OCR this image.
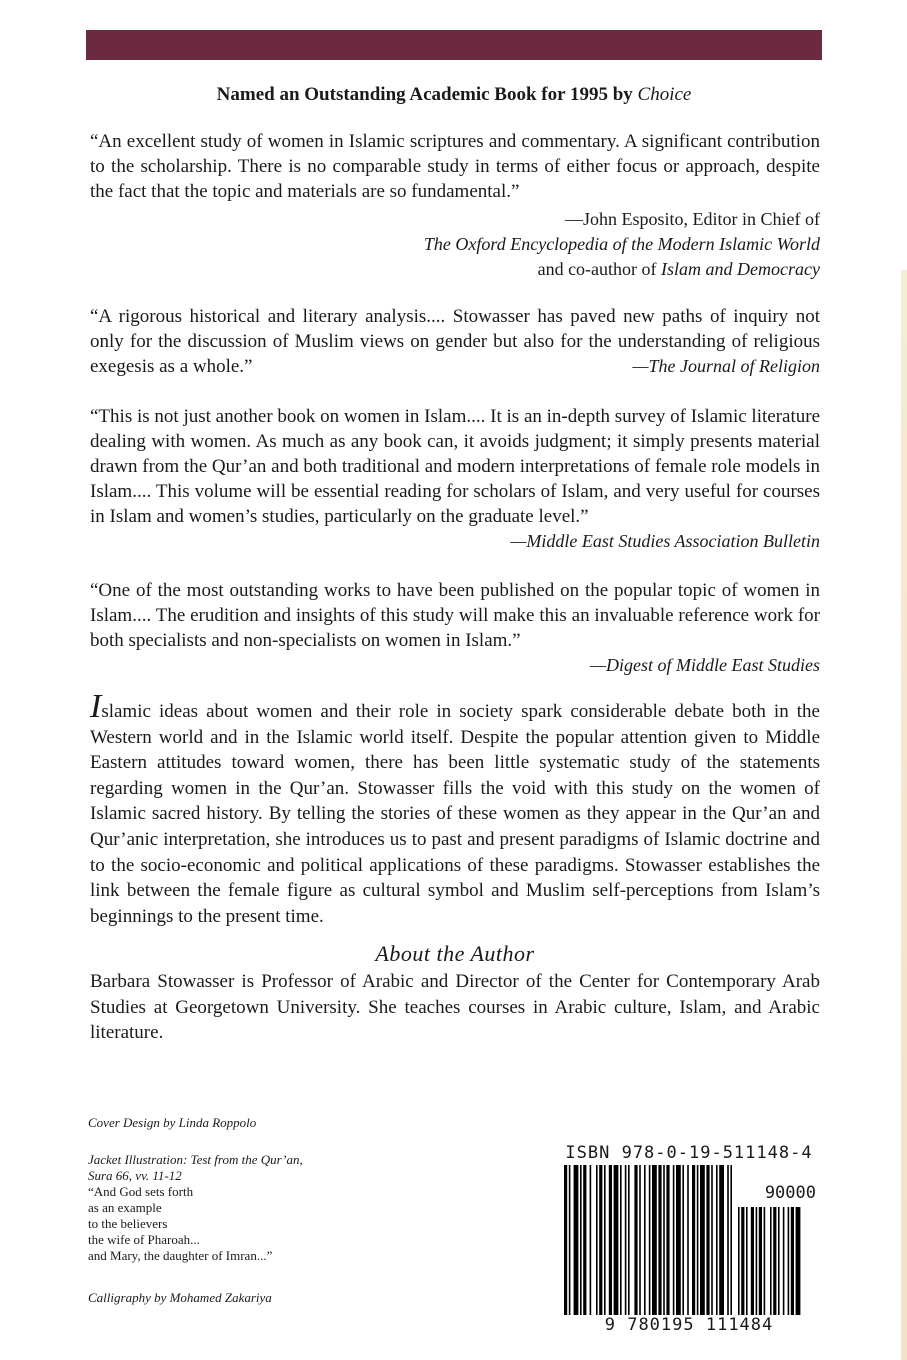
Named an Outstanding Academic Book for 1995 by Choice
“An excellent study of women in Islamic scriptures and commentary. A significant contribution to the scholarship. There is no comparable study in terms of either focus or approach, despite the fact that the topic and materials are so fundamental.”
—John Esposito, Editor in Chief of
The Oxford Encyclopedia of the Modern Islamic World
and co-author of Islam and Democracy
“A rigorous historical and literary analysis.... Stowasser has paved new paths of inquiry not only for the discussion of Muslim views on gender but also for the understanding of religious exegesis as a whole.”	—The Journal of Religion
“This is not just another book on women in Islam.... It is an in-depth survey of Islamic literature dealing with women. As much as any book can, it avoids judgment; it simply presents material drawn from the Qur’an and both traditional and modern interpretations of female role models in Islam.... This volume will be essential reading for scholars of Islam, and very useful for courses in Islam and women’s studies, particularly on the graduate level.”
—Middle East Studies Association Bulletin
“One of the most outstanding works to have been published on the popular topic of women in Islam.... The erudition and insights of this study will make this an invaluable reference work for both specialists and non-specialists on women in Islam.”
—Digest of Middle East Studies
Islamic ideas about women and their role in society spark considerable debate both in the Western world and in the Islamic world itself. Despite the popular attention given to Middle Eastern attitudes toward women, there has been little systematic study of the statements regarding women in the Qur’an. Stowasser fills the void with this study on the women of Islamic sacred history. By telling the stories of these women as they appear in the Qur’an and Qur’anic interpretation, she introduces us to past and present paradigms of Islamic doctrine and to the socio-economic and political applications of these paradigms. Stowasser establishes the link between the female figure as cultural symbol and Muslim self-perceptions from Islam’s beginnings to the present time.
About the Author
Barbara Stowasser is Professor of Arabic and Director of the Center for Contemporary Arab Studies at Georgetown University. She teaches courses in Arabic culture, Islam, and Arabic literature.
Cover Design by Linda Roppolo
Jacket Illustration: Test from the Qur’an,
Sura 66, vv. 11-12
“And God sets forth
as an example
to the believers
the wife of Pharoah...
and Mary, the daughter of Imran...”
Calligraphy by Mohamed Zakariya
ISBN 978-0-19-511148-4
90000
9 780195 111484
